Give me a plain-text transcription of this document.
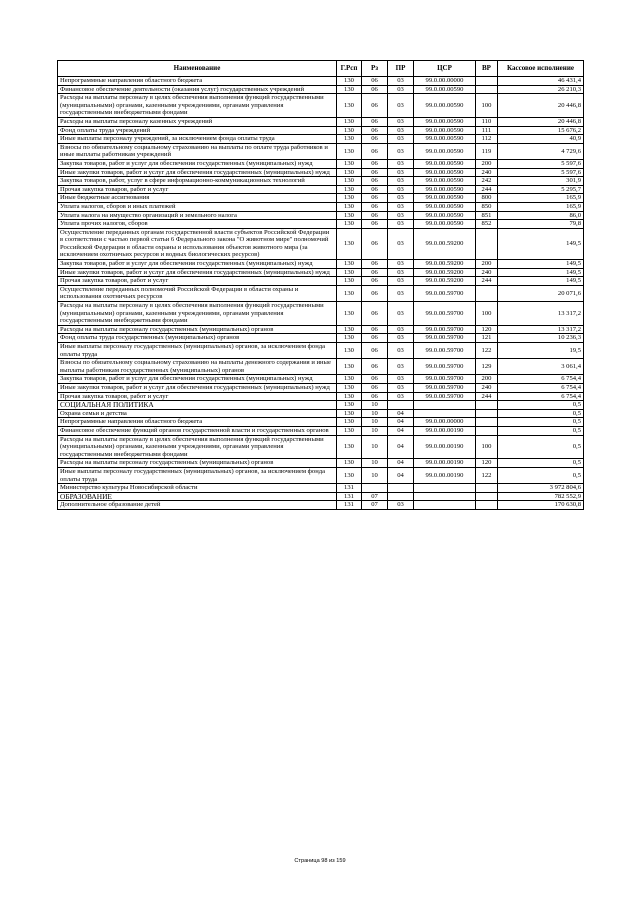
Наименование	Г.Рсп	Рз	ПР	ЦСР	ВР	Кассовое исполнение
Непрограммные направления областного бюджета	130	06	03	99.0.00.00000		46 431,4
Финансовое обеспечение деятельности (оказания услуг) государственных учреждений	130	06	03	99.0.00.00590		26 210,3
Расходы на выплаты персоналу в целях обеспечения выполнения функций государственными (муниципальными) органами, казенными учреждениями, органами управления государственными внебюджетными фондами	130	06	03	99.0.00.00590	100	20 446,8
Расходы на выплаты персоналу казенных учреждений	130	06	03	99.0.00.00590	110	20 446,8
Фонд оплаты труда учреждений	130	06	03	99.0.00.00590	111	15 676,2
Иные выплаты персоналу учреждений, за исключением фонда оплаты труда	130	06	03	99.0.00.00590	112	40,9
Взносы по обязательному социальному страхованию на выплаты по оплате труда работников и иные выплаты работникам учреждений	130	06	03	99.0.00.00590	119	4 729,6
Закупка товаров, работ и услуг для обеспечения государственных (муниципальных) нужд	130	06	03	99.0.00.00590	200	5 597,6
Иные закупки товаров, работ и услуг для обеспечения государственных (муниципальных) нужд	130	06	03	99.0.00.00590	240	5 597,6
Закупка товаров, работ, услуг в сфере информационно-коммуникационных технологий	130	06	03	99.0.00.00590	242	301,9
Прочая закупка товаров, работ и услуг	130	06	03	99.0.00.00590	244	5 295,7
Иные бюджетные ассигнования	130	06	03	99.0.00.00590	800	165,9
Уплата налогов, сборов и иных платежей	130	06	03	99.0.00.00590	850	165,9
Уплата налога на имущество организаций и земельного налога	130	06	03	99.0.00.00590	851	86,0
Уплата прочих налогов, сборов	130	06	03	99.0.00.00590	852	79,8
Осуществление переданных органам государственной власти субъектов Российской Федерации в соответствии с частью первой статьи 6 Федерального закона "О животном мире" полномочий Российской Федерации в области охраны и использования объектов животного мира (за исключением охотничьих ресурсов и водных биологических ресурсов)	130	06	03	99.0.00.59200		149,5
Закупка товаров, работ и услуг для обеспечения государственных (муниципальных) нужд	130	06	03	99.0.00.59200	200	149,5
Иные закупки товаров, работ и услуг для обеспечения государственных (муниципальных) нужд	130	06	03	99.0.00.59200	240	149,5
Прочая закупка товаров, работ и услуг	130	06	03	99.0.00.59200	244	149,5
Осуществление переданных полномочий Российской Федерации в области охраны и использования охотничьих ресурсов	130	06	03	99.0.00.59700		20 071,6
Расходы на выплаты персоналу в целях обеспечения выполнения функций государственными (муниципальными) органами, казенными учреждениями, органами управления государственными внебюджетными фондами	130	06	03	99.0.00.59700	100	13 317,2
Расходы на выплаты персоналу государственных (муниципальных) органов	130	06	03	99.0.00.59700	120	13 317,2
Фонд оплаты труда государственных (муниципальных) органов	130	06	03	99.0.00.59700	121	10 236,3
Иные выплаты персоналу государственных (муниципальных) органов, за исключением фонда оплаты труда	130	06	03	99.0.00.59700	122	19,5
Взносы по обязательному социальному страхованию на выплаты денежного содержания и иные выплаты работникам государственных (муниципальных) органов	130	06	03	99.0.00.59700	129	3 061,4
Закупка товаров, работ и услуг для обеспечения государственных (муниципальных) нужд	130	06	03	99.0.00.59700	200	6 754,4
Иные закупки товаров, работ и услуг для обеспечения государственных (муниципальных) нужд	130	06	03	99.0.00.59700	240	6 754,4
Прочая закупка товаров, работ и услуг	130	06	03	99.0.00.59700	244	6 754,4
СОЦИАЛЬНАЯ ПОЛИТИКА	130	10				0,5
Охрана семьи и детства	130	10	04			0,5
Непрограммные направления областного бюджета	130	10	04	99.0.00.00000		0,5
Финансовое обеспечение функций органов государственной власти и государственных органов	130	10	04	99.0.00.00190		0,5
Расходы на выплаты персоналу в целях обеспечения выполнения функций государственными (муниципальными) органами, казенными учреждениями, органами управления государственными внебюджетными фондами	130	10	04	99.0.00.00190	100	0,5
Расходы на выплаты персоналу государственных (муниципальных) органов	130	10	04	99.0.00.00190	120	0,5
Иные выплаты персоналу государственных (муниципальных) органов, за исключением фонда оплаты труда	130	10	04	99.0.00.00190	122	0,5
Министерство культуры Новосибирской области	131					3 972 804,6
ОБРАЗОВАНИЕ	131	07				782 552,9
Дополнительное образование детей	131	07	03			170 630,8
Страница 98 из 159
